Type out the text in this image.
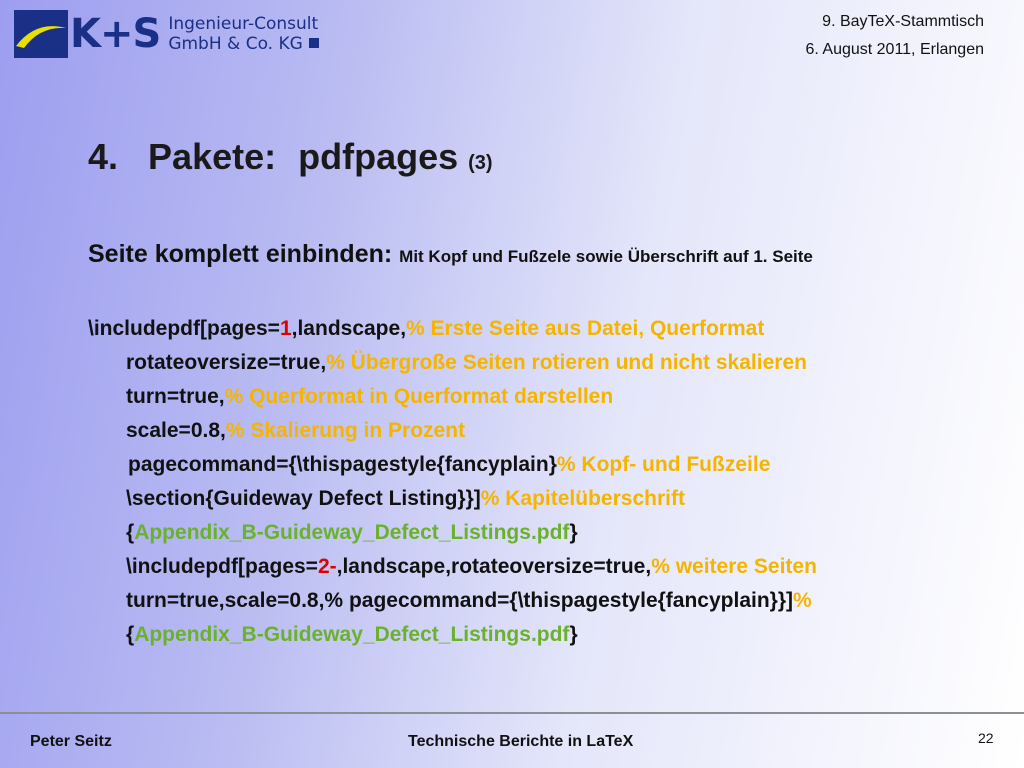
K+S Ingenieur-Consult
GmbH & Co. KG
9. BayTeX-Stammtisch
6. August 2011, Erlangen
4. Pakete: pdfpages (3)
Seite komplett einbinden: Mit Kopf und Fußzele sowie Überschrift auf 1. Seite
\includepdf[pages=1,landscape,% Erste Seite aus Datei, Querformat
rotateoversize=true,% Übergroße Seiten rotieren und nicht skalieren
turn=true,% Querformat in Querformat darstellen
scale=0.8,% Skalierung in Prozent
pagecommand={\thispagestyle{fancyplain}% Kopf- und Fußzeile
\section{Guideway Defect Listing}}]% Kapitelüberschrift
{Appendix_B-Guideway_Defect_Listings.pdf}
\includepdf[pages=2-,landscape,rotateoversize=true,% weitere Seiten
turn=true,scale=0.8,% pagecommand={\thispagestyle{fancyplain}}]%
{Appendix_B-Guideway_Defect_Listings.pdf}
Peter Seitz	Technische Berichte in LaTeX	22
